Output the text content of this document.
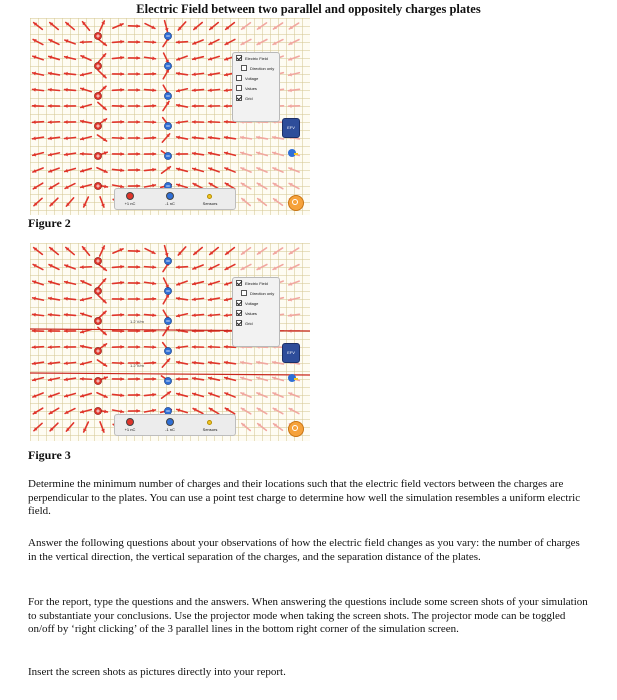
Electric Field between two parallel and oppositely charges plates
Electric Field
Direction only
Voltage
Values
Grid
EFV
+1 nC	-1 nC	Sensors
Figure 2
1.2 V/m
1.2 V/m
Electric Field
Direction only
Voltage
Values
Grid
EFV
+1 nC	-1 nC	Sensors
Figure 3

Determine the minimum number of charges and their locations such that the electric field vectors between the charges are perpendicular to the plates. You can use a point test charge to determine how well the simulation resembles a uniform electric field.

Answer the following questions about your observations of how the electric field changes as you vary: the number of charges in the vertical direction, the vertical separation of the charges, and the separation distance of the plates.

For the report, type the questions and the answers. When answering the questions include some screen shots of your simulation to substantiate your conclusions. Use the projector mode when taking the screen shots. The projector mode can be toggled on/off by ‘right clicking’ of the 3 parallel lines in the bottom right corner of the simulation screen.

Insert the screen shots as pictures directly into your report.
